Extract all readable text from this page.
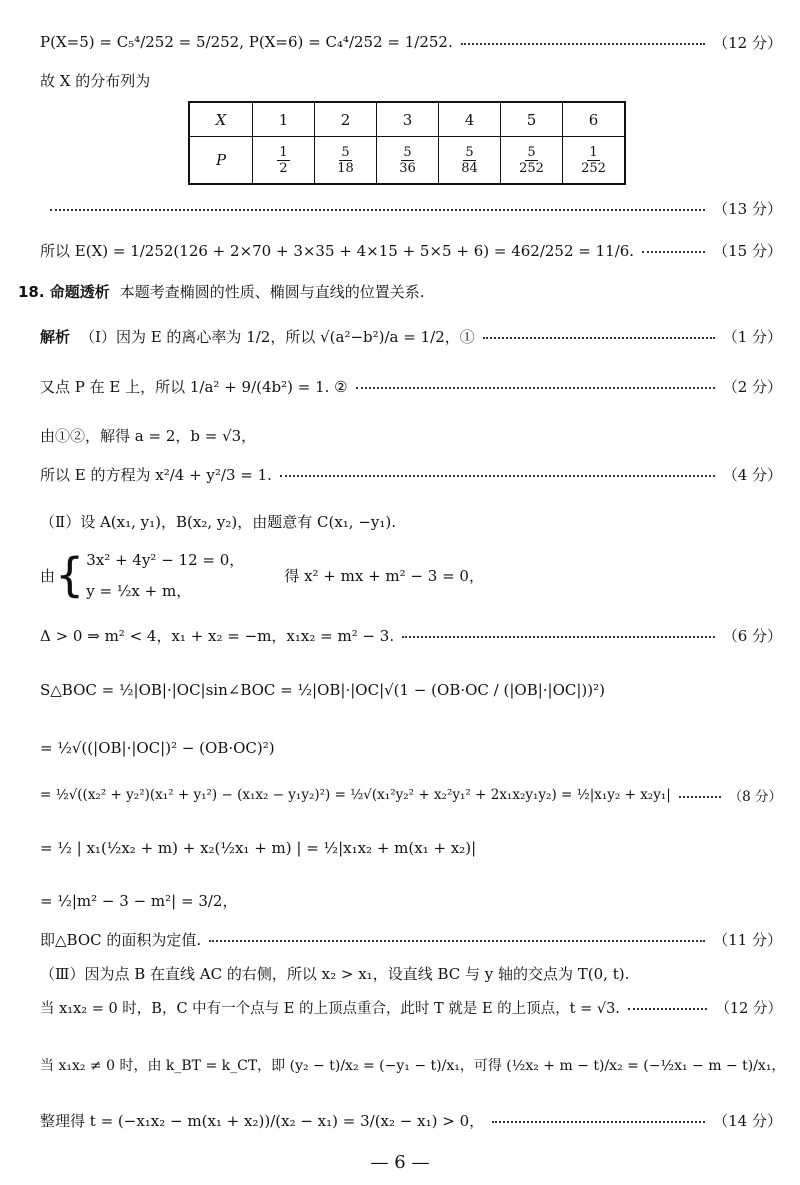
P(X=5) = C₅⁴/252 = 5/252, P(X=6) = C₄⁴/252 = 1/252.	（12 分）
故 X 的分布列为
X	1	2	3	4	5	6
P	$\frac{1}{2}$	$\frac{5}{18}$	$\frac{5}{36}$	$\frac{5}{84}$	$\frac{5}{252}$	$\frac{1}{252}$
（13 分）
所以 E(X) = 1/252(126 + 2×70 + 3×35 + 4×15 + 5×5 + 6) = 462/252 = 11/6.	（15 分）
18. 命题透析 本题考查椭圆的性质、椭圆与直线的位置关系.
解析 （Ⅰ）因为 E 的离心率为 1/2，所以 √(a²−b²)/a = 1/2，①	（1 分）
又点 P 在 E 上，所以 1/a² + 9/(4b²) = 1. ②	（2 分）
由①②，解得 a = 2，b = √3，
所以 E 的方程为 x²/4 + y²/3 = 1.	（4 分）
（Ⅱ）设 A(x₁, y₁)，B(x₂, y₂)，由题意有 C(x₁, −y₁).
由 { 3x² + 4y² − 12 = 0，
y = ½x + m，
得 x² + mx + m² − 3 = 0，
Δ > 0 ⇒ m² < 4，x₁ + x₂ = −m，x₁x₂ = m² − 3.	（6 分）
S△BOC = ½|OB|·|OC|sin∠BOC = ½|OB|·|OC|√(1 − (OB·OC / (|OB|·|OC|))²)
= ½√((|OB|·|OC|)² − (OB·OC)²)
= ½√((x₂² + y₂²)(x₁² + y₁²) − (x₁x₂ − y₁y₂)²) = ½√(x₁²y₂² + x₂²y₁² + 2x₁x₂y₁y₂) = ½|x₁y₂ + x₂y₁|	（8 分）
= ½ | x₁(½x₂ + m) + x₂(½x₁ + m) | = ½|x₁x₂ + m(x₁ + x₂)|
= ½|m² − 3 − m²| = 3/2，
即△BOC 的面积为定值.	（11 分）
（Ⅲ）因为点 B 在直线 AC 的右侧，所以 x₂ > x₁，设直线 BC 与 y 轴的交点为 T(0, t).
当 x₁x₂ = 0 时，B，C 中有一个点与 E 的上顶点重合，此时 T 就是 E 的上顶点，t = √3.	（12 分）
当 x₁x₂ ≠ 0 时，由 k_BT = k_CT，即 (y₂ − t)/x₂ = (−y₁ − t)/x₁，可得 (½x₂ + m − t)/x₂ = (−½x₁ − m − t)/x₁，
整理得 t = (−x₁x₂ − m(x₁ + x₂))/(x₂ − x₁) = 3/(x₂ − x₁) > 0，	（14 分）
— 6 —
